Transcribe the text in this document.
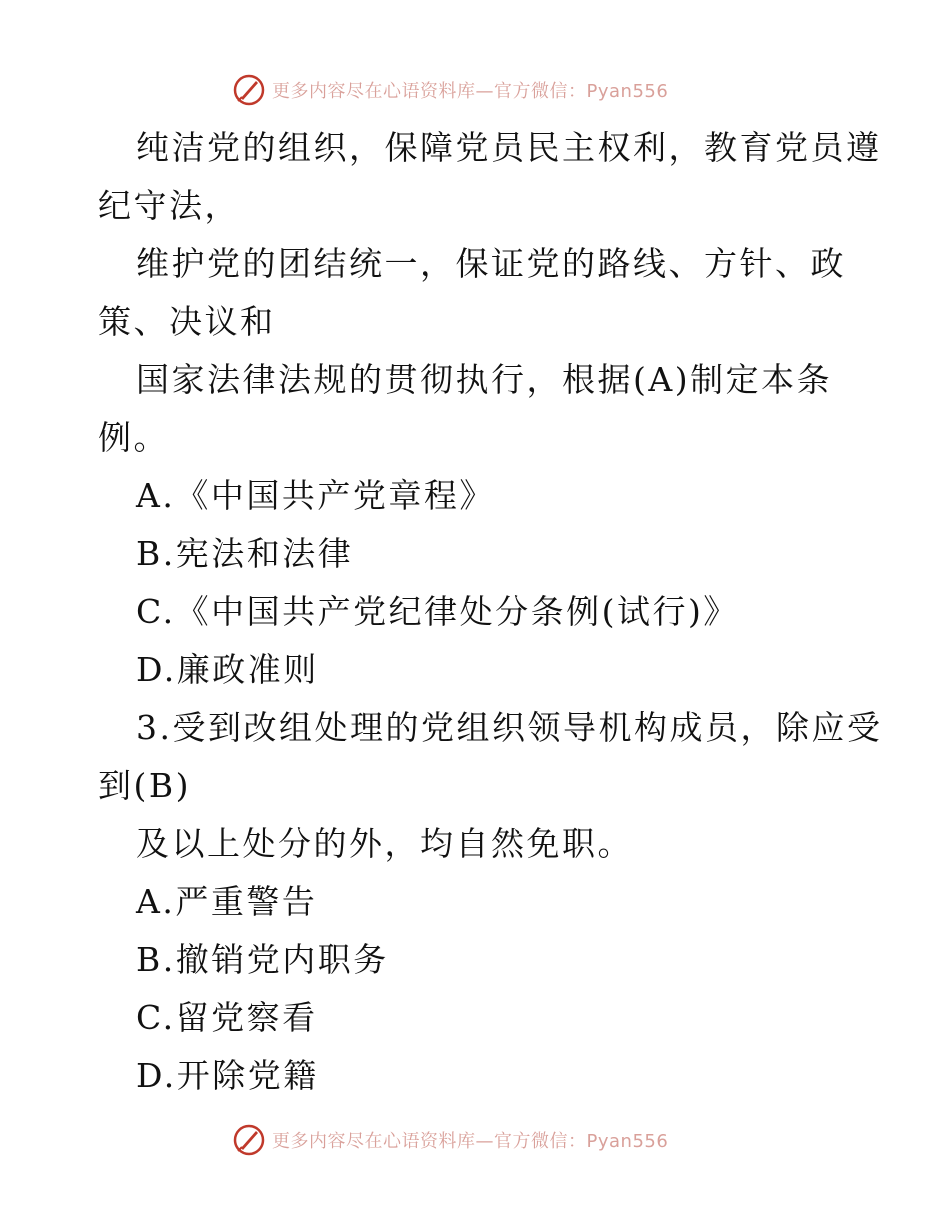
更多内容尽在心语资料库—官方微信：Pyan556
纯洁党的组织，保障党员民主权利，教育党员遵
纪守法，
维护党的团结统一，保证党的路线、方针、政
策、决议和
国家法律法规的贯彻执行，根据(A)制定本条
例。
A.《中国共产党章程》
B.宪法和法律
C.《中国共产党纪律处分条例(试行)》
D.廉政准则
3.受到改组处理的党组织领导机构成员，除应受
到(B)
及以上处分的外，均自然免职。
A.严重警告
B.撤销党内职务
C.留党察看
D.开除党籍
更多内容尽在心语资料库—官方微信：Pyan556
